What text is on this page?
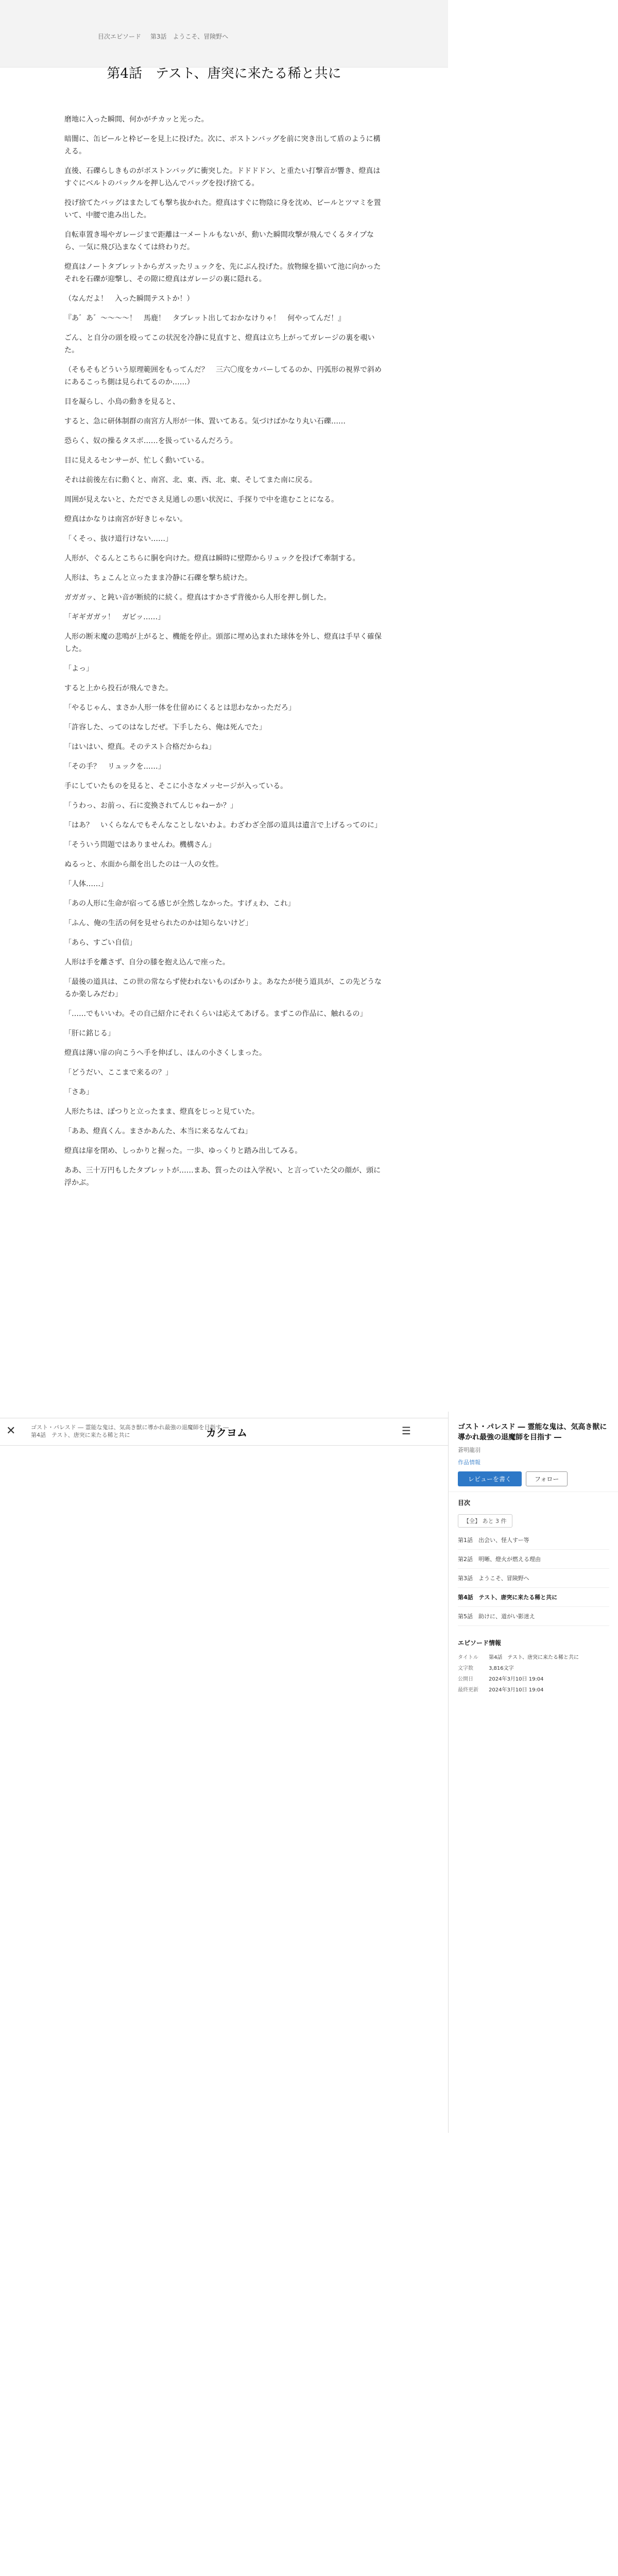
目次エピソード 第3話　ようこそ、冒険野へ
第4話　テスト、唐突に来たる稀と共に

磨地に入った瞬間、何かがチカッと光った。

暗闇に、缶ビールと枠ビーを見上に投げた。次に、ボストンバッグを前に突き出して盾のように構える。

直後、石礫らしきものがボストンバッグに衝突した。ドドドドン、と重たい打撃音が響き、燈真はすぐにベルトのバックルを押し込んでバッグを投げ捨てる。

投げ捨てたバッグはまたしても撃ち抜かれた。燈真はすぐに物陰に身を沈め、ビールとツマミを置いて、中腰で進み出した。

自転車置き場やガレージまで距離は一メートルもないが、動いた瞬間攻撃が飛んでくるタイプなら、一気に飛び込まなくては終わりだ。

燈真はノートタブレットからガスッたリュックを、先にぶん投げた。放物線を描いて池に向かったそれを石礫が迎撃し、その隙に燈真はガレージの裏に隠れる。

（なんだよ！　入った瞬間テストか！）

『あ゛あ゛〜〜〜〜！　馬鹿！　タブレット出しておかなけりゃ！　何やってんだ！』

ごん、と自分の頭を殴ってこの状況を冷静に見直すと、燈真は立ち上がってガレージの裏を覗いた。

（そもそもどういう原理範囲をもってんだ？　三六〇度をカバーしてるのか、円弧形の視界で斜めにあるこっち側は見られてるのか……）

目を凝らし、小鳥の動きを見ると、

すると、急に研体制群の南宮方人形が一体、置いてある。気づけばかなり丸い石礫……

恐らく、奴の操るタスボ……を扱っているんだろう。

目に見えるセンサーが、忙しく動いている。

それは前後左右に動くと、南宮、北、東、西、北、東、そしてまた南に戻る。

周囲が見えないと、ただでさえ見通しの悪い状況に、手探りで中を進むことになる。

燈真はかなりは南宮が好きじゃない。

「くそっ、抜け道行けない……」

人形が、ぐるんとこちらに胴を向けた。燈真は瞬時に壁際からリュックを投げて牽制する。

人形は、ちょこんと立ったまま冷静に石礫を撃ち続けた。

ガガガッ、と鈍い音が断続的に続く。燈真はすかさず背後から人形を押し倒した。

「ギギガガッ！　ガビッ……」

人形の断末魔の悲鳴が上がると、機能を停止。頭部に埋め込まれた球体を外し、燈真は手早く確保した。

「よっ」

すると上から投石が飛んできた。

「やるじゃん、まさか人形一体を仕留めにくるとは思わなかっただろ」

「許容した、ってのはなしだぜ。下手したら、俺は死んでた」

「はいはい、燈真。そのテスト合格だからね」

「その手？　リュックを……」

手にしていたものを見ると、そこに小さなメッセージが入っている。

「うわっ、お前っ、石に変換されてんじゃねーか？」

「はあ？　いくらなんでもそんなことしないわよ。わざわざ全部の道具は遺言で上げるってのに」

「そういう問題ではありませんわ。機構さん」

ぬるっと、水面から顔を出したのは一人の女性。

「人体……」

「あの人形に生命が宿ってる感じが全然しなかった。すげぇわ、これ」

「ふん、俺の生活の何を見せられたのかは知らないけど」

「あら、すごい自信」

人形は手を離さず、自分の膝を抱え込んで座った。

「最後の道具は、この世の常ならず使われないものばかりよ。あなたが使う道具が、この先どうなるか楽しみだわ」

「……でもいいわ。その自己紹介にそれくらいは応えてあげる。まずこの作品に、触れるの」

「肝に銘じる」

燈真は薄い扉の向こうへ手を伸ばし、ほんの小さくしまった。

「どうだい、ここまで来るの？」

「さあ」

人形たちは、ぽつりと立ったまま、燈真をじっと見ていた。

「ああ、燈真くん。まさかあんた、本当に来るなんてね」

燈真は扉を閉め、しっかりと握った。一歩、ゆっくりと踏み出してみる。

ああ、三十万円もしたタブレットが……まあ、質ったのは入学祝い、と言っていた父の顔が、頭に浮かぶ。

✕	ゴスト・パレスド ― 霊能な鬼は、気高き獣に導かれ最強の退魔師を目指す ―
第4話　テスト、唐突に来たる稀と共に	カクヨム	☰	ゴスト・パレスド ― 霊能な鬼は、気高き獣に導かれ最強の退魔師を目指す ―
蒼明龍羽
作品情報
レビューを書く	フォロー
目次
【全】 あと 3 件
第1話　出会い、怪人すー等
第2話　明晰、燈火が燃える理由
第3話　ようこそ、冒険野へ
第4話　テスト、唐突に来たる稀と共に
第5話　助けに、道がい影迷え
エピソード情報
タイトル	第4話　テスト、唐突に来たる稀と共に
文字数	3,816文字
公開日	2024年3月10日 19:04
最終更新	2024年3月10日 19:04
